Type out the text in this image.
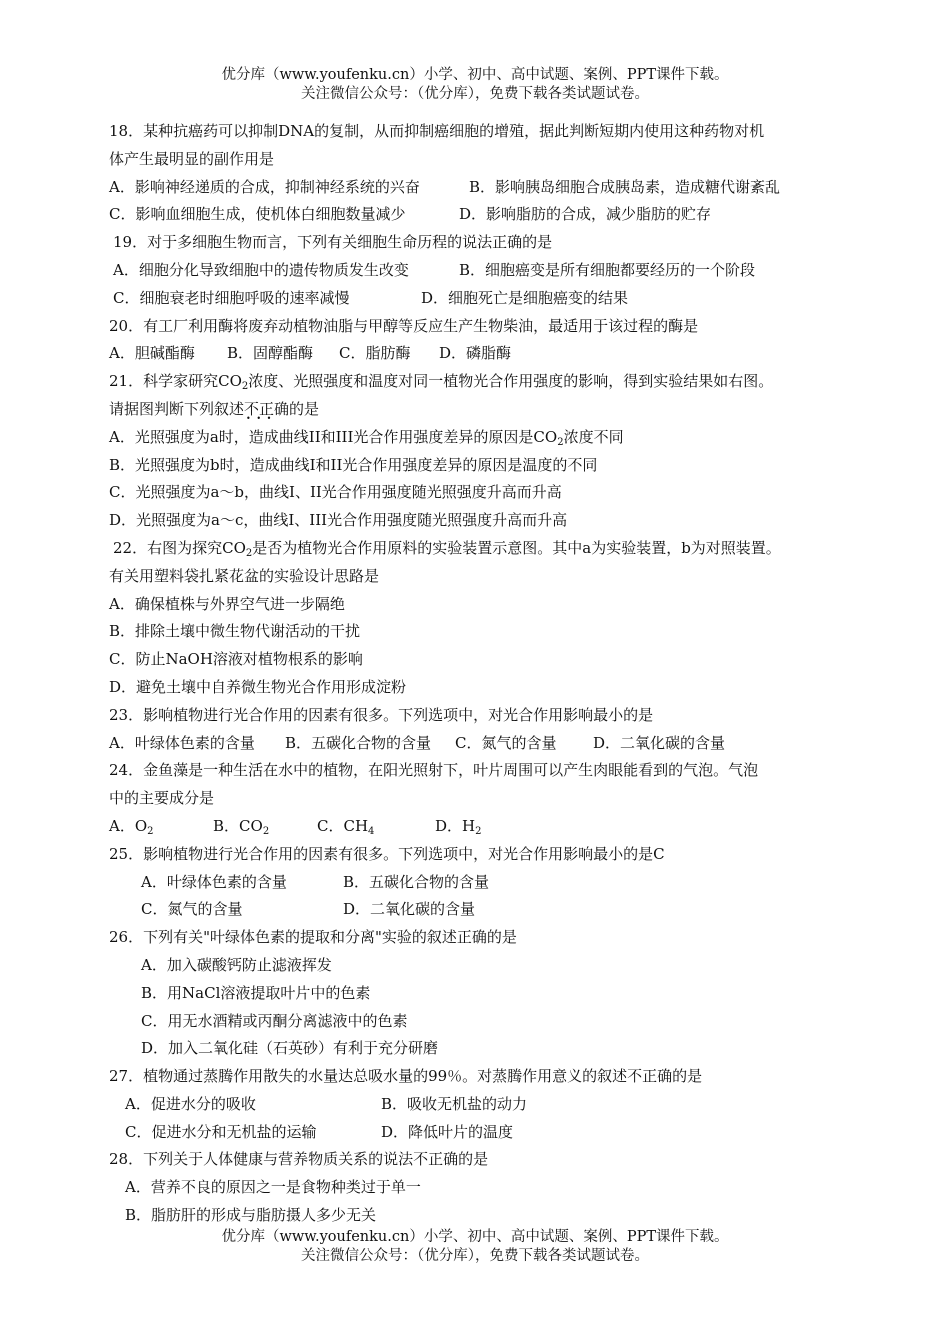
优分库（www.youfenku.cn）小学、初中、高中试题、案例、PPT课件下载。
关注微信公众号：（优分库），免费下载各类试题试卷。
18．某种抗癌药可以抑制DNA的复制，从而抑制癌细胞的增殖，据此判断短期内使用这种药物对机
体产生最明显的副作用是
A．影响神经递质的合成，抑制神经系统的兴奋	B．影响胰岛细胞合成胰岛素，造成糖代谢紊乱
C．影响血细胞生成，使机体白细胞数量减少	D．影响脂肪的合成，减少脂肪的贮存
19．对于多细胞生物而言，下列有关细胞生命历程的说法正确的是
A．细胞分化导致细胞中的遗传物质发生改变	B．细胞癌变是所有细胞都要经历的一个阶段
C．细胞衰老时细胞呼吸的速率减慢	D．细胞死亡是细胞癌变的结果
20．有工厂利用酶将废弃动植物油脂与甲醇等反应生产生物柴油，最适用于该过程的酶是
A．胆碱酯酶 B．固醇酯酶 C．脂肪酶 D．磷脂酶
21．科学家研究$CO_2$浓度、光照强度和温度对同一植物光合作用强度的影响，得到实验结果如右图。
请据图判断下列叙述不正确 • • •的是
A．光照强度为a时，造成曲线II和III光合作用强度差异的原因是$CO_2$浓度不同
B．光照强度为b时，造成曲线I和II光合作用强度差异的原因是温度的不同
C．光照强度为a～b，曲线I、II光合作用强度随光照强度升高而升高
D．光照强度为a～c，曲线I、III光合作用强度随光照强度升高而升高
22．右图为探究$CO_2$是否为植物光合作用原料的实验装置示意图。其中a为实验装置，b为对照装置。
有关用塑料袋扎紧花盆的实验设计思路是
A．确保植株与外界空气进一步隔绝
B．排除土壤中微生物代谢活动的干扰
C．防止NaOH溶液对植物根系的影响
D．避免土壤中自养微生物光合作用形成淀粉
23．影响植物进行光合作用的因素有很多。下列选项中，对光合作用影响最小的是
A．叶绿体色素的含量 B．五碳化合物的含量 C．氮气的含量 D．二氧化碳的含量
24．金鱼藻是一种生活在水中的植物，在阳光照射下，叶片周围可以产生肉眼能看到的气泡。气泡
中的主要成分是
A．$O_2$	B．$CO_2$	C．$CH_4$	D．$H_2$
25．影响植物进行光合作用的因素有很多。下列选项中，对光合作用影响最小的是C
A．叶绿体色素的含量	B．五碳化合物的含量
C．氮气的含量	D．二氧化碳的含量
26．下列有关"叶绿体色素的提取和分离"实验的叙述正确的是
A．加入碳酸钙防止滤液挥发
B．用NaCl溶液提取叶片中的色素
C．用无水酒精或丙酮分离滤液中的色素
D．加入二氧化硅（石英砂）有利于充分研磨
27．植物通过蒸腾作用散失的水量达总吸水量的99％。对蒸腾作用意义的叙述不正确的是
A．促进水分的吸收	B．吸收无机盐的动力
C．促进水分和无机盐的运输	D．降低叶片的温度
28．下列关于人体健康与营养物质关系的说法不正确的是
A．营养不良的原因之一是食物种类过于单一
B．脂肪肝的形成与脂肪摄人多少无关
优分库（www.youfenku.cn）小学、初中、高中试题、案例、PPT课件下载。
关注微信公众号：（优分库），免费下载各类试题试卷。
